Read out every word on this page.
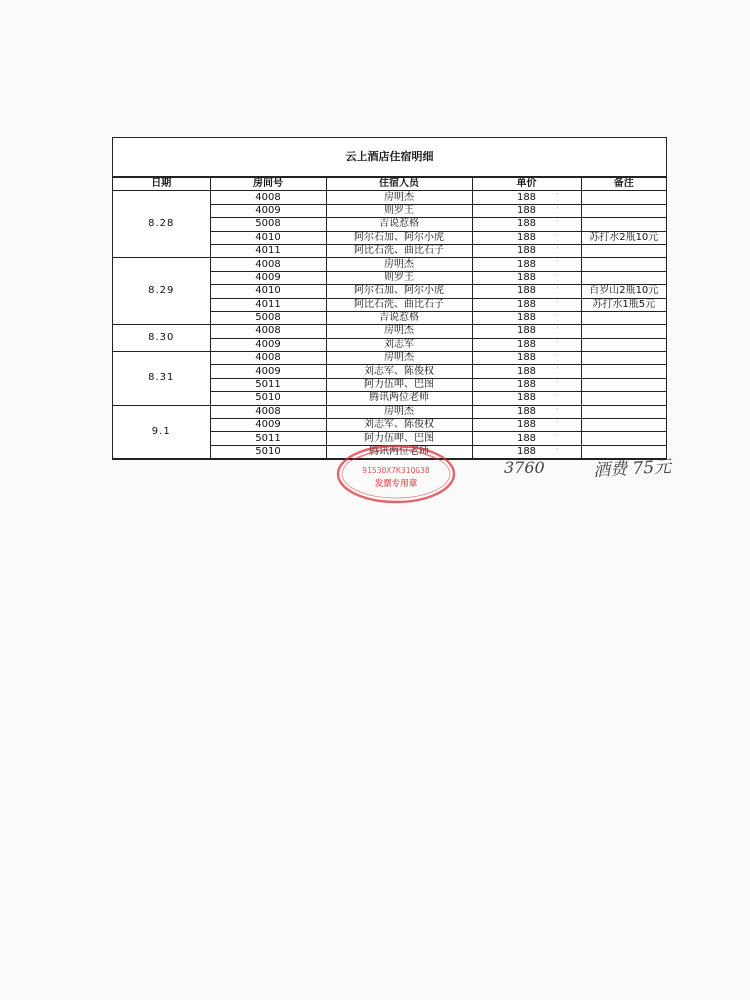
云上酒店住宿明细
日期	房间号	住宿人员	单价	备注
8.28	4008	房明杰	188 ˊ	

	4009	则罗王	188 ˊ	

	5008	吉说惹格	188 ˊ	

	4010	阿尔石加、阿尔小虎	188 ˊ	苏打水2瓶10元
	4011	阿比石洗、曲比石子	188 ˊ	

8.29	4008	房明杰	188 ˊ	

	4009	则罗王	188 ˊ	

	4010	阿尔石加、阿尔小虎	188 ˊ	百岁山2瓶10元
	4011	阿比石洗、曲比石子	188 ˊ	苏打水1瓶5元
	5008	吉说惹格	188 ˊ	

8.30	4008	房明杰	188 ˊ	

	4009	刘志军	188 ˊ	

8.31	4008	房明杰	188 ˊ	

	4009	刘志军、陈俊权	188 ˊ	

	5011	阿力伍呷、巴图	188 ˊ	

	5010	腾讯两位老师	188 ˊ	

9.1	4008	房明杰	188 ˊ	

	4009	刘志军、陈俊权	188 ˊ	

	5011	阿力伍呷、巴图	188 ˊ	

	5010	腾讯两位老师	188 ˊ	

91530X7K31QG38
发票专用章
3760	酒费 75元
